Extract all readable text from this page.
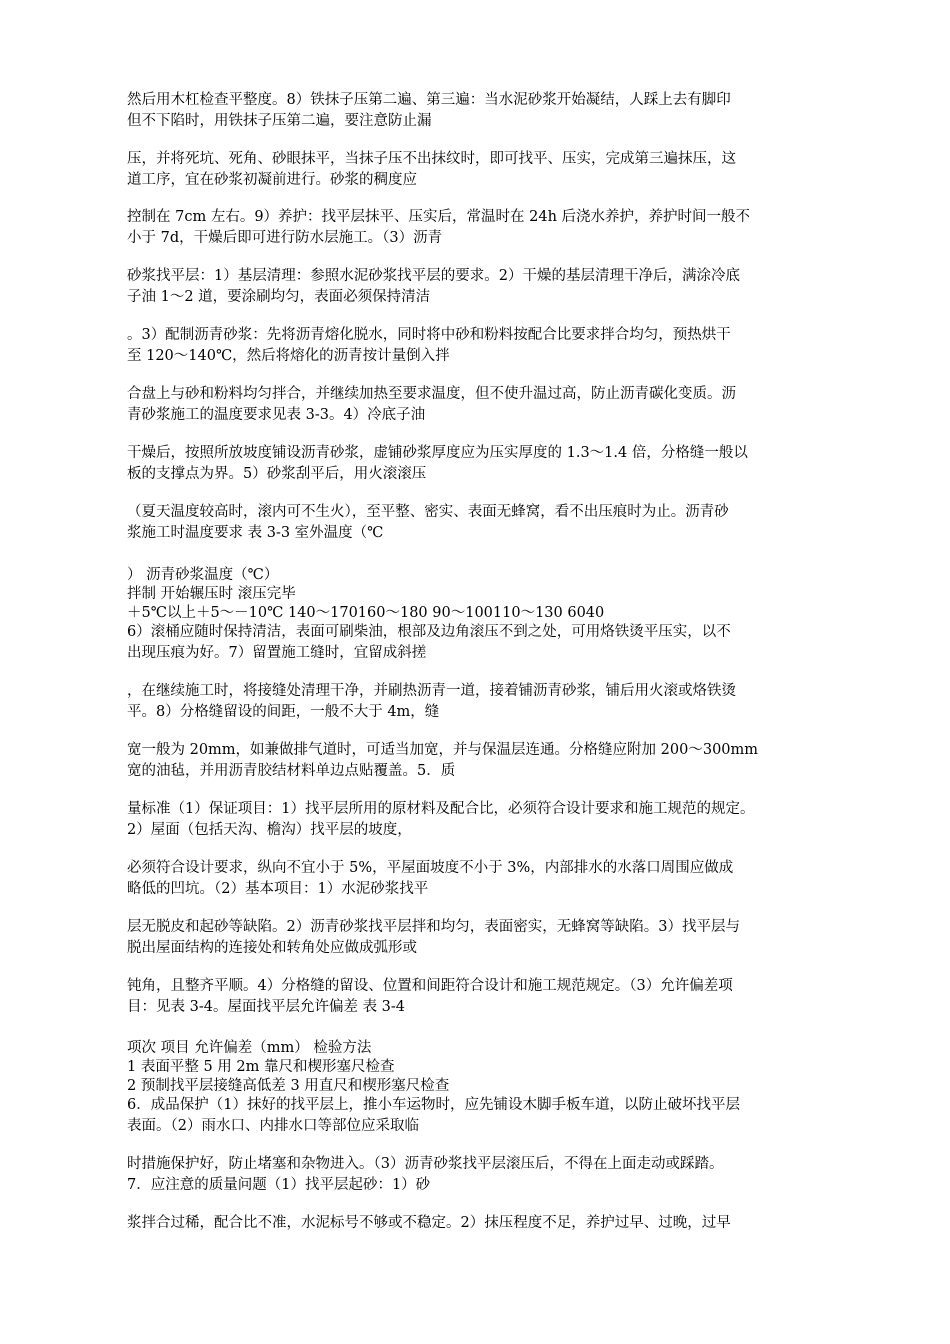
然后用木杠检查平整度。8）铁抹子压第二遍、第三遍：当水泥砂浆开始凝结，人踩上去有脚印
但不下陷时，用铁抹子压第二遍，要注意防止漏
压，并将死坑、死角、砂眼抹平，当抹子压不出抹纹时，即可找平、压实，完成第三遍抹压，这
道工序，宜在砂浆初凝前进行。砂浆的稠度应
控制在 7cm 左右。9）养护：找平层抹平、压实后，常温时在 24h 后浇水养护，养护时间一般不
小于 7d，干燥后即可进行防水层施工。（3）沥青
砂浆找平层：1）基层清理：参照水泥砂浆找平层的要求。2）干燥的基层清理干净后，满涂冷底
子油 1～2 道，要涂刷均匀，表面必须保持清洁
。3）配制沥青砂浆：先将沥青熔化脱水，同时将中砂和粉料按配合比要求拌合均匀，预热烘干
至 120～140℃，然后将熔化的沥青按计量倒入拌
合盘上与砂和粉料均匀拌合，并继续加热至要求温度，但不使升温过高，防止沥青碳化变质。沥
青砂浆施工的温度要求见表 3-3。4）冷底子油
干燥后，按照所放坡度铺设沥青砂浆，虚铺砂浆厚度应为压实厚度的 1.3～1.4 倍，分格缝一般以
板的支撑点为界。5）砂浆刮平后，用火滚滚压
（夏天温度较高时，滚内可不生火），至平整、密实、表面无蜂窝，看不出压痕时为止。沥青砂
浆施工时温度要求 表 3-3 室外温度（℃
） 沥青砂浆温度（℃）
拌制 开始辗压时 滚压完毕
＋5℃以上＋5～－10℃ 140～170160～180 90～100110～130 6040
6）滚桶应随时保持清洁，表面可刷柴油，根部及边角滚压不到之处，可用烙铁烫平压实，以不
出现压痕为好。7）留置施工缝时，宜留成斜搓
，在继续施工时，将接缝处清理干净，并刷热沥青一道，接着铺沥青砂浆，铺后用火滚或烙铁烫
平。8）分格缝留设的间距，一般不大于 4m，缝
宽一般为 20mm，如兼做排气道时，可适当加宽，并与保温层连通。分格缝应附加 200～300mm
宽的油毡，并用沥青胶结材料单边点贴覆盖。5．质
量标准（1）保证项目：1）找平层所用的原材料及配合比，必须符合设计要求和施工规范的规定。
2）屋面（包括天沟、檐沟）找平层的坡度，
必须符合设计要求，纵向不宜小于 5%，平屋面坡度不小于 3%，内部排水的水落口周围应做成
略低的凹坑。（2）基本项目：1）水泥砂浆找平
层无脱皮和起砂等缺陷。2）沥青砂浆找平层拌和均匀，表面密实，无蜂窝等缺陷。3）找平层与
脱出屋面结构的连接处和转角处应做成弧形或
钝角，且整齐平顺。4）分格缝的留设、位置和间距符合设计和施工规范规定。（3）允许偏差项
目：见表 3-4。屋面找平层允许偏差 表 3-4
项次 项目 允许偏差（mm） 检验方法
1 表面平整 5 用 2m 靠尺和楔形塞尺检查
2 预制找平层接缝高低差 3 用直尺和楔形塞尺检查
6．成品保护（1）抹好的找平层上，推小车运物时，应先铺设木脚手板车道，以防止破坏找平层
表面。（2）雨水口、内排水口等部位应采取临
时措施保护好，防止堵塞和杂物进入。（3）沥青砂浆找平层滚压后，不得在上面走动或踩踏。
7．应注意的质量问题（1）找平层起砂：1）砂
浆拌合过稀，配合比不准，水泥标号不够或不稳定。2）抹压程度不足，养护过早、过晚，过早
